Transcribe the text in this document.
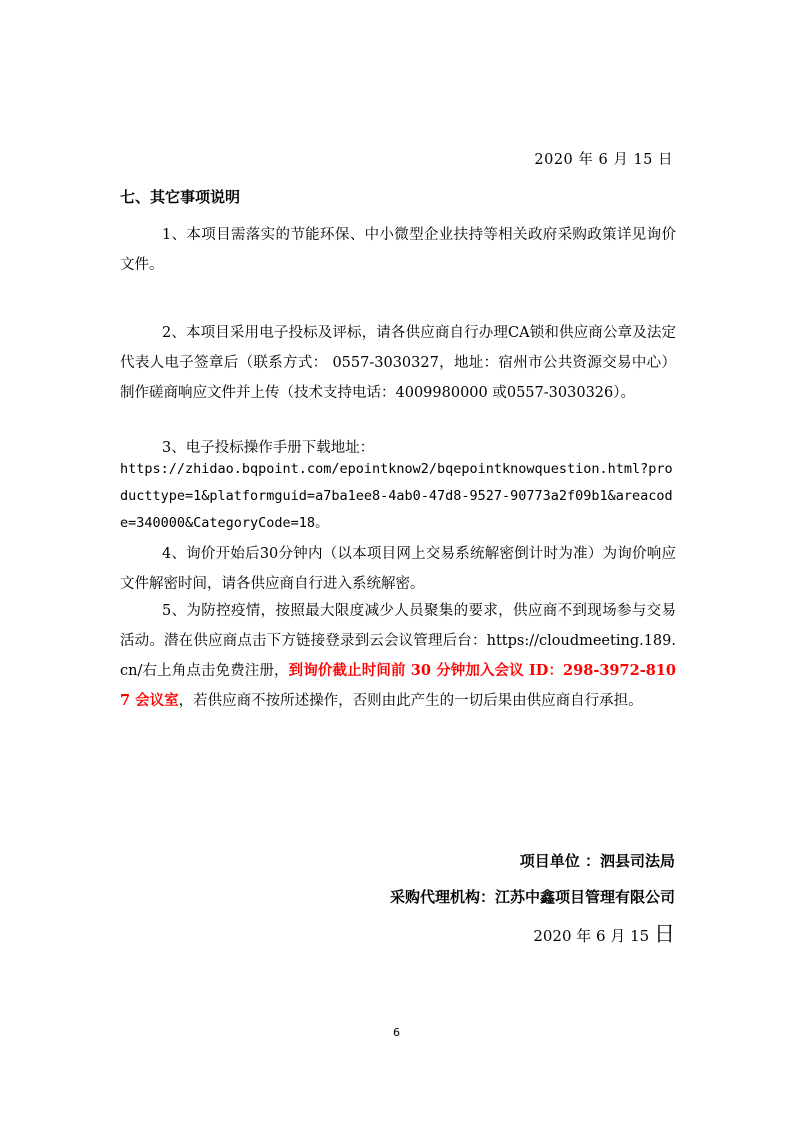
2020 年 6 月 15 日
七、其它事项说明
1、本项目需落实的节能环保、中小微型企业扶持等相关政府采购政策详见询价文件。
2、本项目采用电子投标及评标，请各供应商自行办理CA锁和供应商公章及法定代表人电子签章后（联系方式： 0557-3030327，地址：宿州市公共资源交易中心）制作磋商响应文件并上传（技术支持电话：4009980000 或0557-3030326）。
3、电子投标操作手册下载地址：
https://zhidao.bqpoint.com/epointknow2/bqepointknowquestion.html?producttype=1&platformguid=a7ba1ee8-4ab0-47d8-9527-90773a2f09b1&areacode=340000&CategoryCode=18。
4、询价开始后30分钟内（以本项目网上交易系统解密倒计时为准）为询价响应文件解密时间，请各供应商自行进入系统解密。
5、为防控疫情，按照最大限度减少人员聚集的要求，供应商不到现场参与交易活动。潜在供应商点击下方链接登录到云会议管理后台：https://cloudmeeting.189.cn/右上角点击免费注册，到询价截止时间前 30 分钟加入会议 ID：298-3972-8107 会议室，若供应商不按所述操作，否则由此产生的一切后果由供应商自行承担。
项目单位 ：泗县司法局
采购代理机构：江苏中鑫项目管理有限公司
2020 年 6 月 15 日
6
